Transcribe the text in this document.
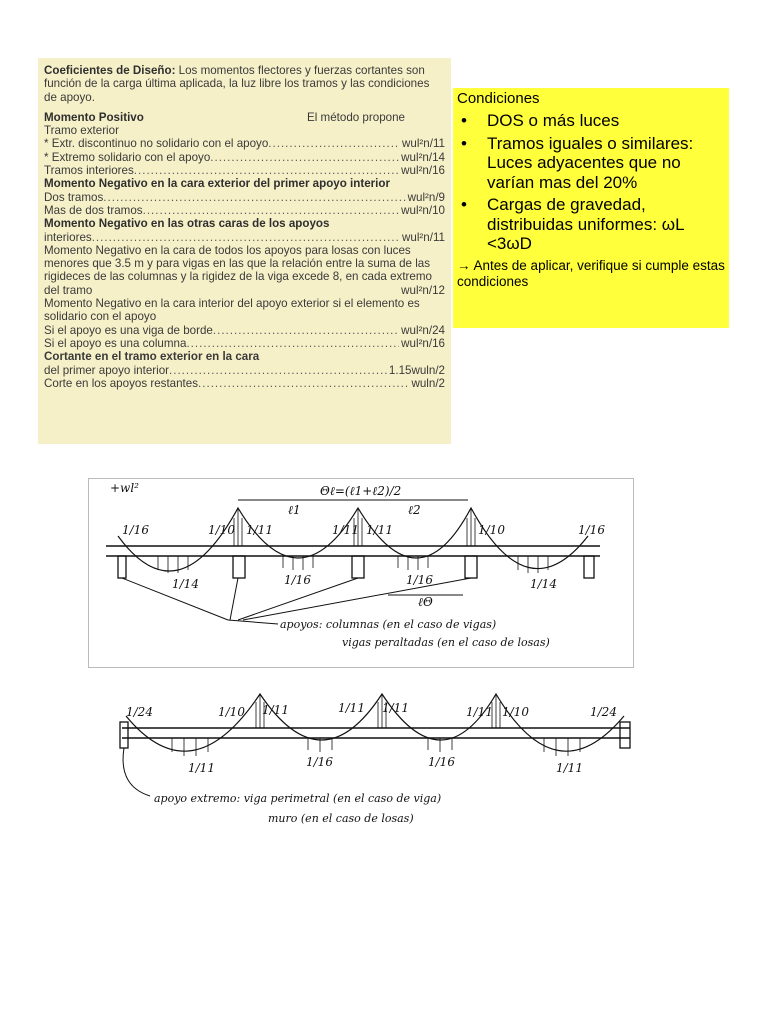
Coeficientes de Diseño: Los momentos flectores y fuerzas cortantes son función de la carga última aplicada, la luz libre los tramos y las condiciones de apoyo.
Momento Positivo	El método propone
Tramo exterior
* Extr. discontinuo no solidario con el apoyo .....	wul²n/11
* Extremo solidario con el apoyo .....	wul²n/14
Tramos interiores .....	wul²n/16
Momento Negativo en la cara exterior del primer apoyo interior
Dos tramos .....	wul²n/9
Mas de dos tramos .....	wul²n/10
Momento Negativo en las otras caras de los apoyos
interiores .....	wul²n/11
Momento Negativo en la cara de todos los apoyos para losas con luces menores que 3.5 m y para vigas en las que la relación entre la suma de las rigideces de las columnas y la rigidez de la viga excede 8, en cada extremo del tramo	wul²n/12
Momento Negativo en la cara interior del apoyo exterior si el elemento es solidario con el apoyo
Si el apoyo es una viga de borde .....	wul²n/24
Si el apoyo es una columna .....	wul²n/16
Cortante en el tramo exterior en la cara
del primer apoyo interior .....	1.15wuln/2
Corte en los apoyos restantes .....	wuln/2
Condiciones
• DOS o más luces
• Tramos iguales o similares: Luces adyacentes que no varían mas del 20%
• Cargas de gravedad, distribuidas uniformes: ωL <3ωD
→ Antes de aplicar, verifique si cumple estas condiciones
+wl²	Θℓ=(ℓ1+ℓ2)/2
ℓ1	ℓ2
ℓΘ
1/16	1/10 1/11	1/11 1/11	1/10	1/16
1/14	1/16	1/16	1/14
apoyos: columnas (en el caso de vigas)
vigas peraltadas (en el caso de losas)
1/24	1/10 1/11	1/11 1/11	1/11 1/10	1/24
1/11	1/16	1/16	1/11
apoyo extremo: viga perimetral (en el caso de viga)
muro (en el caso de losas)
